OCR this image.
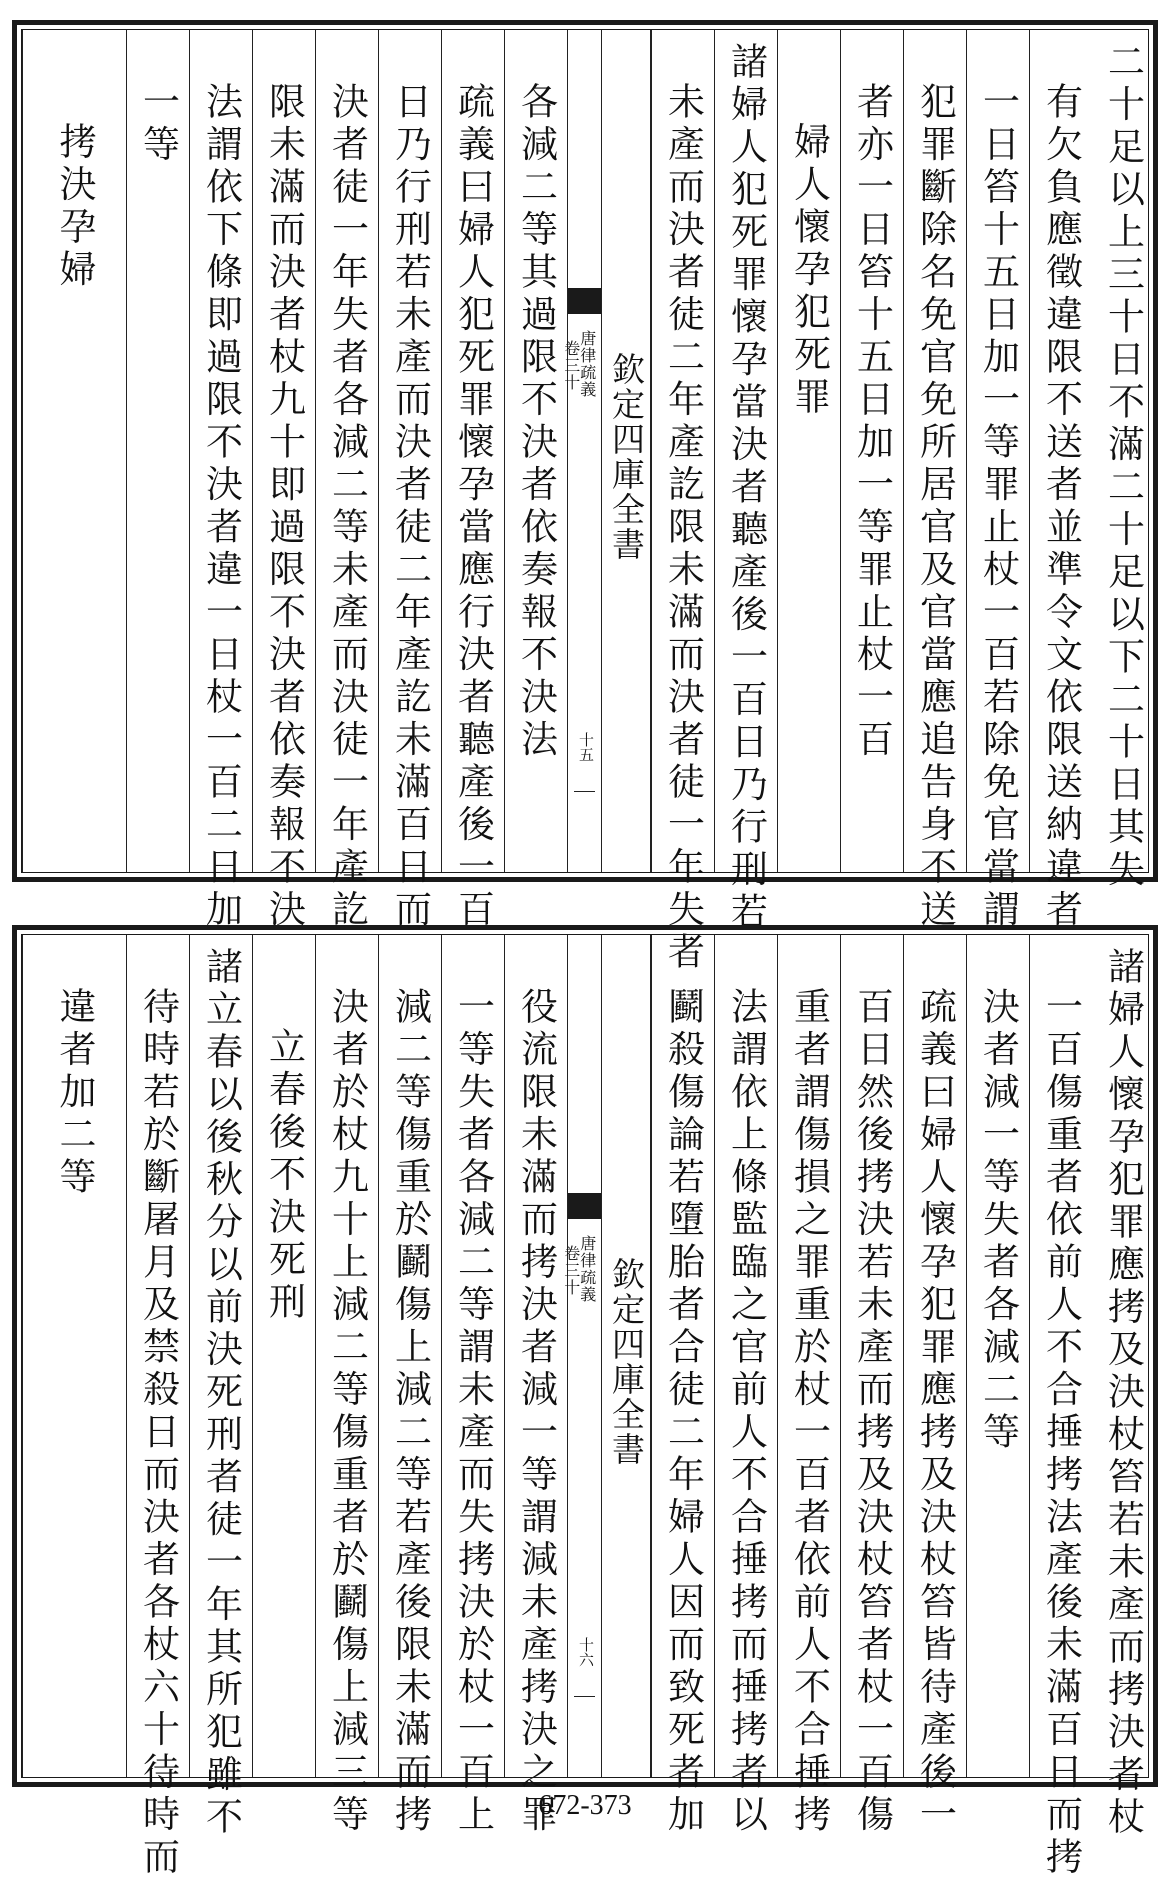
二十足以上三十日不滿二十足以下二十日其失
有欠負應徵違限不送者並準令文依限送納違者
一日笞十五日加一等罪止杖一百若除免官當謂
犯罪斷除名免官免所居官及官當應追告身不送
者亦一日笞十五日加一等罪止杖一百
婦人懷孕犯死罪
諸婦人犯死罪懷孕當決者聽產後一百日乃行刑若
未產而決者徒二年產訖限未滿而決者徒一年失者
欽定四庫全書
唐律疏義
卷三十
十五
各減二等其過限不決者依奏報不決法
疏義曰婦人犯死罪懷孕當應行決者聽產後一百
日乃行刑若未產而決者徒二年產訖未滿百日而
決者徒一年失者各減二等未產而決徒一年產訖
限未滿而決者杖九十即過限不決者依奏報不決
法謂依下條即過限不決者違一日杖一百二日加
一等
拷決孕婦
諸婦人懷孕犯罪應拷及決杖笞若未產而拷決者杖
一百傷重者依前人不合捶拷法產後未滿百日而拷
決者減一等失者各減二等
疏義曰婦人懷孕犯罪應拷及決杖笞皆待產後一
百日然後拷決若未產而拷及決杖笞者杖一百傷
重者謂傷損之罪重於杖一百者依前人不合捶拷
法謂依上條監臨之官前人不合捶拷而捶拷者以
鬬殺傷論若墮胎者合徒二年婦人因而致死者加
欽定四庫全書
唐律疏義
卷三十
十六
役流限未滿而拷決者減一等謂減未產拷決之罪
一等失者各減二等謂未產而失拷決於杖一百上
減二等傷重於鬬傷上減二等若產後限未滿而拷
決者於杖九十上減二等傷重者於鬬傷上減三等
立春後不決死刑
諸立春以後秋分以前決死刑者徒一年其所犯雖不
待時若於斷屠月及禁殺日而決者各杖六十待時而
違者加二等
672-373
